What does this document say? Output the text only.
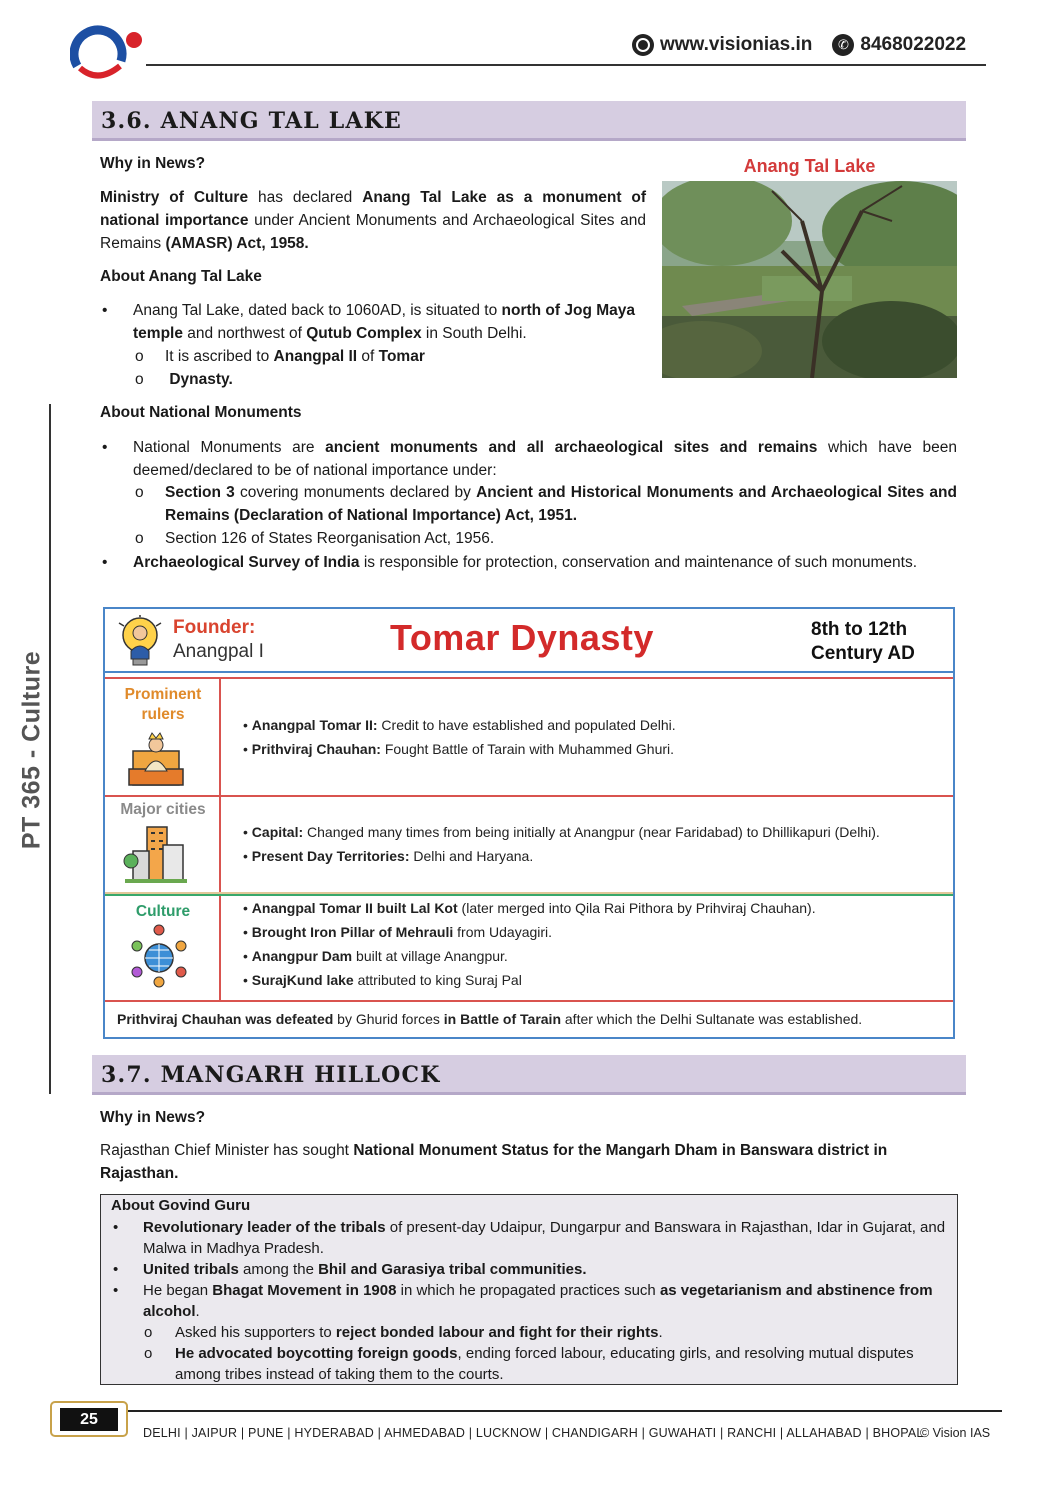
www.visionias.in	✆ 8468022022
PT 365 - Culture
3.6. ANANG TAL LAKE
Why in News?
Ministry of Culture has declared Anang Tal Lake as a monument of national importance under Ancient Monuments and Archaeological Sites and Remains (AMASR) Act, 1958.
Anang Tal Lake
About Anang Tal Lake
• Anang Tal Lake, dated back to 1060AD, is situated to north of Jog Maya temple and northwest of Qutub Complex in South Delhi.
o It is ascribed to Anangpal II of Tomar
o Dynasty.
About National Monuments
• National Monuments are ancient monuments and all archaeological sites and remains which have been deemed/declared to be of national importance under:
o Section 3 covering monuments declared by Ancient and Historical Monuments and Archaeological Sites and Remains (Declaration of National Importance) Act, 1951.
o Section 126 of States Reorganisation Act, 1956.
• Archaeological Survey of India is responsible for protection, conservation and maintenance of such monuments.
Founder:
Anangpal I	Tomar Dynasty	8th to 12th
Century AD
Prominent
rulers
• Anangpal Tomar II: Credit to have established and populated Delhi.
• Prithviraj Chauhan: Fought Battle of Tarain with Muhammed Ghuri.
Major cities
• Capital: Changed many times from being initially at Anangpur (near Faridabad) to Dhillikapuri (Delhi).
• Present Day Territories: Delhi and Haryana.
Culture	• Anangpal Tomar II built Lal Kot (later merged into Qila Rai Pithora by Prihviraj Chauhan).
• Brought Iron Pillar of Mehrauli from Udayagiri.
• Anangpur Dam built at village Anangpur.
• SurajKund lake attributed to king Suraj Pal
Prithviraj Chauhan was defeated by Ghurid forces in Battle of Tarain after which the Delhi Sultanate was established.
3.7. MANGARH HILLOCK
Why in News?
Rajasthan Chief Minister has sought National Monument Status for the Mangarh Dham in Banswara district in Rajasthan.
About Govind Guru
• Revolutionary leader of the tribals of present-day Udaipur, Dungarpur and Banswara in Rajasthan, Idar in Gujarat, and Malwa in Madhya Pradesh.
• United tribals among the Bhil and Garasiya tribal communities.
• He began Bhagat Movement in 1908 in which he propagated practices such as vegetarianism and abstinence from alcohol.
o Asked his supporters to reject bonded labour and fight for their rights.
o He advocated boycotting foreign goods, ending forced labour, educating girls, and resolving mutual disputes among tribes instead of taking them to the courts.
25
DELHI | JAIPUR | PUNE | HYDERABAD | AHMEDABAD | LUCKNOW | CHANDIGARH | GUWAHATI | RANCHI | ALLAHABAD | BHOPAL
© Vision IAS
